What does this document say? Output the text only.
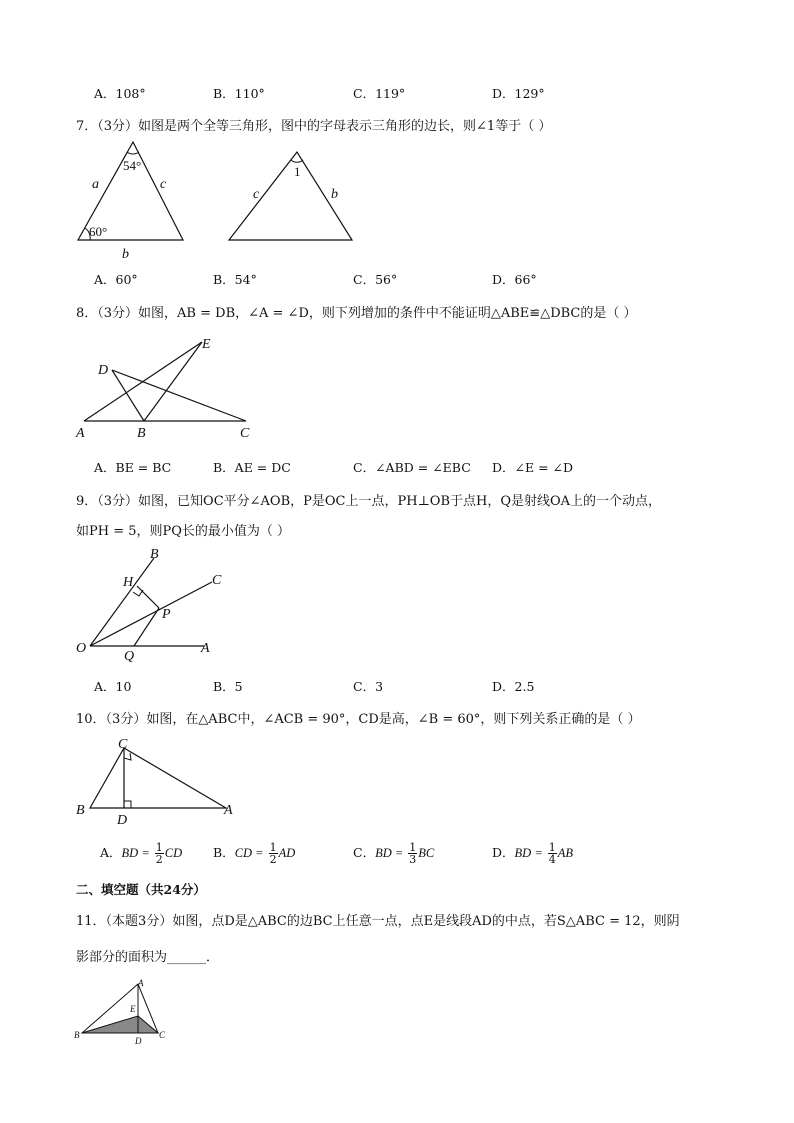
A．108°	B．110°	C．119°	D．129°
7．（3分）如图是两个全等三角形，图中的字母表示三角形的边长，则∠1等于（ ）
54°
60°
a	c
b
1
c	b
A．60°	B．54°	C．56°	D．66°
8．（3分）如图，AB = DB，∠A = ∠D，则下列增加的条件中不能证明△ABE≌△DBC的是（ ）
D
E
A	B	C
A．BE = BC	B．AE = DC	C．∠ABD = ∠EBC D．∠E = ∠D
9．（3分）如图，已知OC平分∠AOB，P是OC上一点，PH⊥OB于点H，Q是射线OA上的一个动点，
如PH = 5，则PQ长的最小值为（ ）
B
H	C
P
O
Q
A
A．10	B．5	C．3	D．2.5
10．（3分）如图，在△ABC中，∠ACB = 90°，CD是高，∠B = 60°，则下列关系正确的是（ ）
C
B
D
A
A．BD = $\frac{1}{2}$ CD B．CD = $\frac{1}{2}$ AD	C．BD = $\frac{1}{3}$ BC	D．BD = $\frac{1}{4}$ AB
二、填空题（共24分）
11．（本题3分）如图，点D是△ABC的边BC上任意一点，点E是线段AD的中点，若S△ABC = 12，则阴
影部分的面积为______．
A
E
B
D
C
